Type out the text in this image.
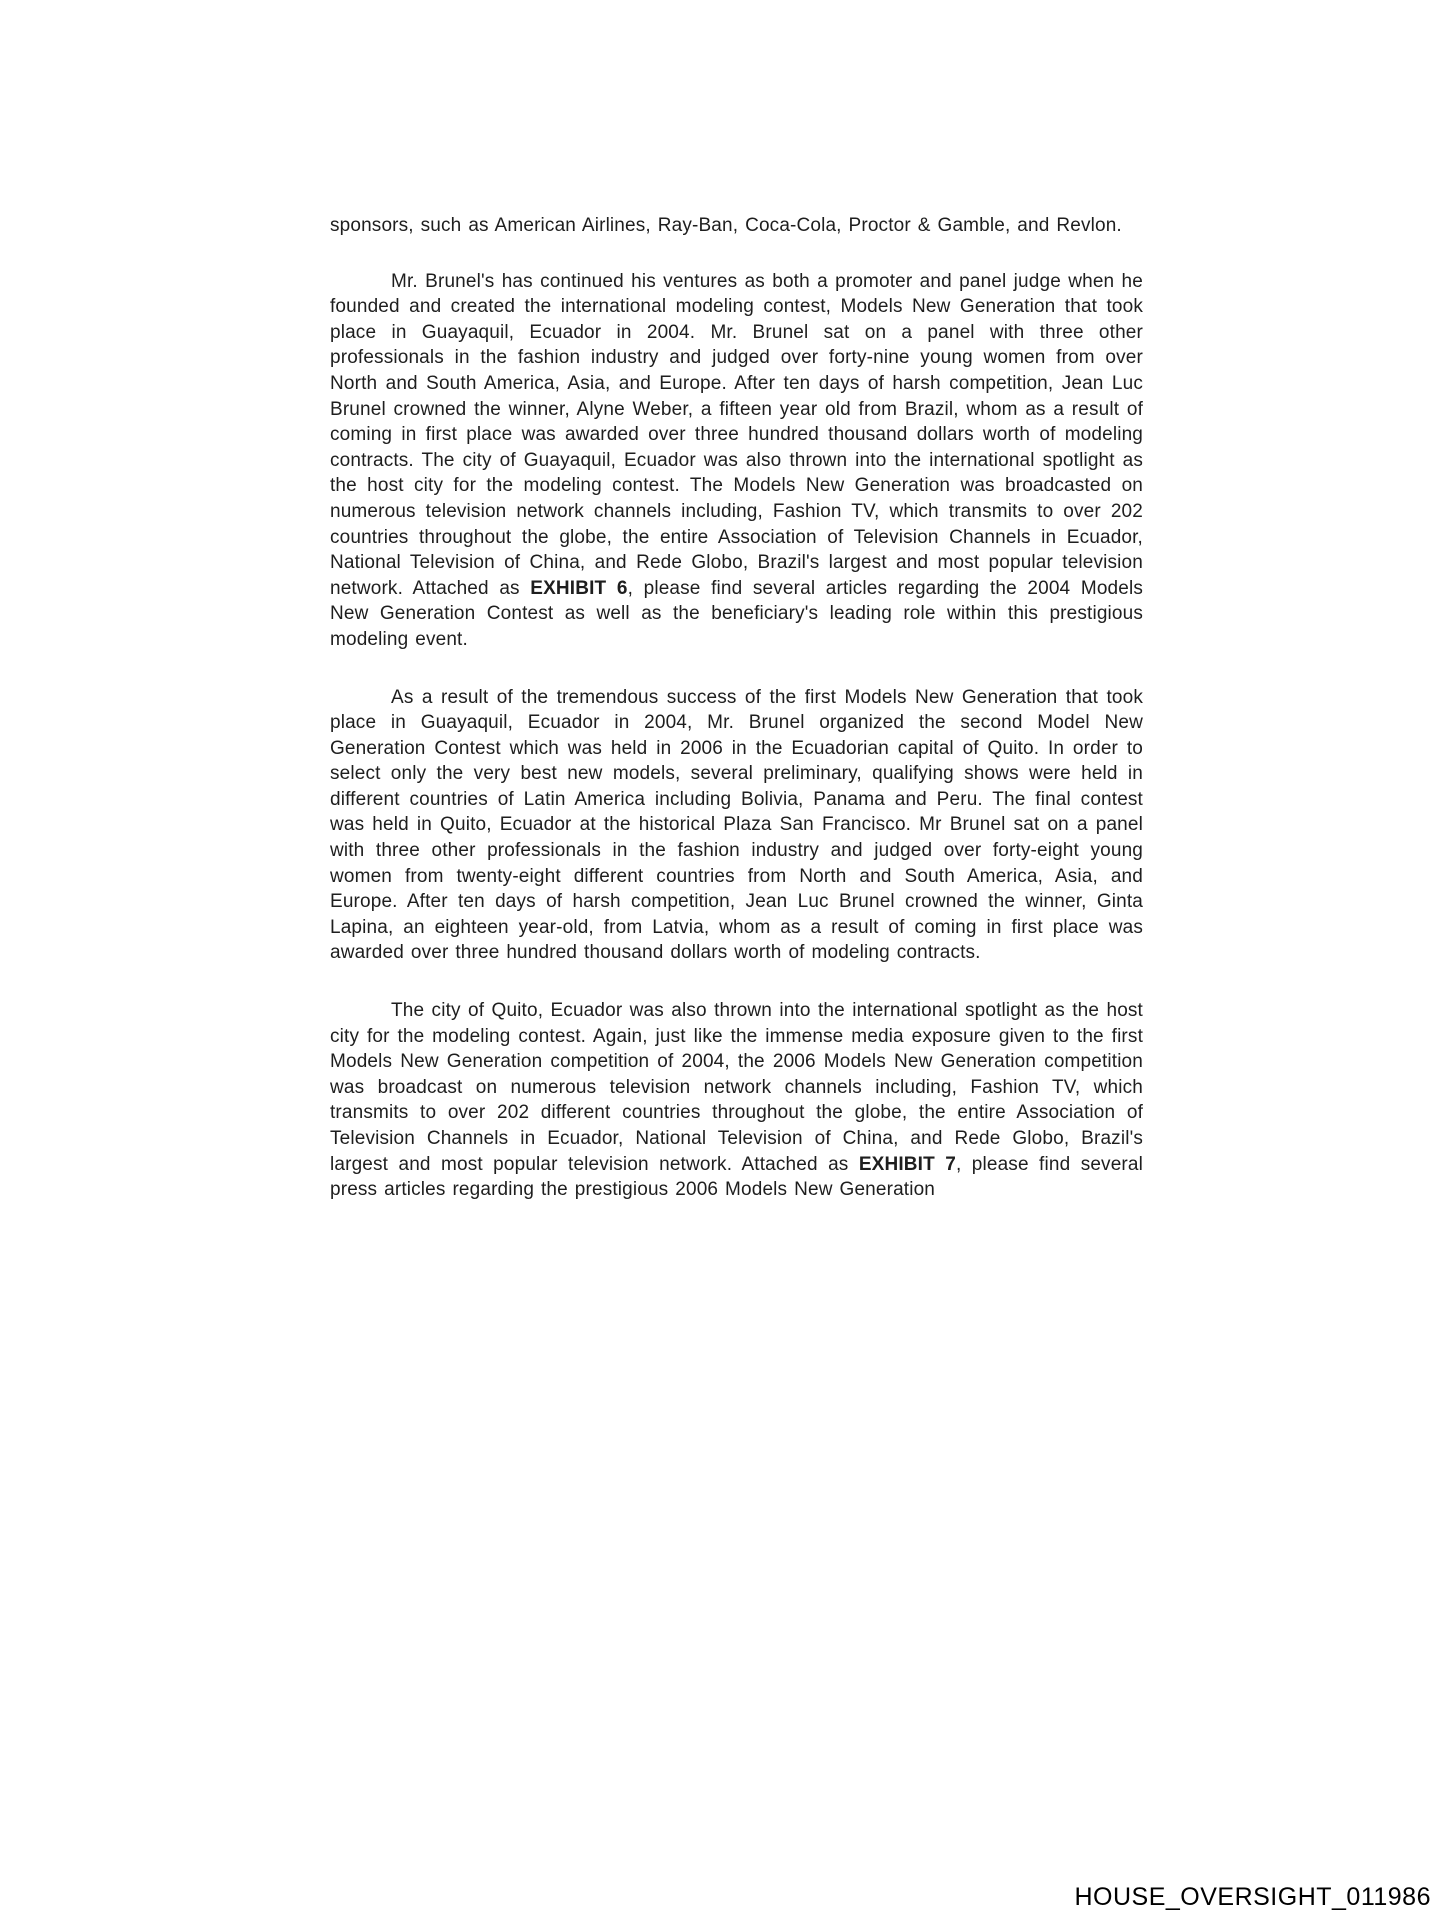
sponsors, such as American Airlines, Ray-Ban, Coca-Cola, Proctor & Gamble, and Revlon.

Mr. Brunel's has continued his ventures as both a promoter and panel judge when he founded and created the international modeling contest, Models New Generation that took place in Guayaquil, Ecuador in 2004. Mr. Brunel sat on a panel with three other professionals in the fashion industry and judged over forty-nine young women from over North and South America, Asia, and Europe. After ten days of harsh competition, Jean Luc Brunel crowned the winner, Alyne Weber, a fifteen year old from Brazil, whom as a result of coming in first place was awarded over three hundred thousand dollars worth of modeling contracts. The city of Guayaquil, Ecuador was also thrown into the international spotlight as the host city for the modeling contest. The Models New Generation was broadcasted on numerous television network channels including, Fashion TV, which transmits to over 202 countries throughout the globe, the entire Association of Television Channels in Ecuador, National Television of China, and Rede Globo, Brazil's largest and most popular television network. Attached as EXHIBIT 6, please find several articles regarding the 2004 Models New Generation Contest as well as the beneficiary's leading role within this prestigious modeling event.

As a result of the tremendous success of the first Models New Generation that took place in Guayaquil, Ecuador in 2004, Mr. Brunel organized the second Model New Generation Contest which was held in 2006 in the Ecuadorian capital of Quito. In order to select only the very best new models, several preliminary, qualifying shows were held in different countries of Latin America including Bolivia, Panama and Peru. The final contest was held in Quito, Ecuador at the historical Plaza San Francisco. Mr Brunel sat on a panel with three other professionals in the fashion industry and judged over forty-eight young women from twenty-eight different countries from North and South America, Asia, and Europe. After ten days of harsh competition, Jean Luc Brunel crowned the winner, Ginta Lapina, an eighteen year-old, from Latvia, whom as a result of coming in first place was awarded over three hundred thousand dollars worth of modeling contracts.

The city of Quito, Ecuador was also thrown into the international spotlight as the host city for the modeling contest. Again, just like the immense media exposure given to the first Models New Generation competition of 2004, the 2006 Models New Generation competition was broadcast on numerous television network channels including, Fashion TV, which transmits to over 202 different countries throughout the globe, the entire Association of Television Channels in Ecuador, National Television of China, and Rede Globo, Brazil's largest and most popular television network. Attached as EXHIBIT 7, please find several press articles regarding the prestigious 2006 Models New Generation

HOUSE_OVERSIGHT_011986
